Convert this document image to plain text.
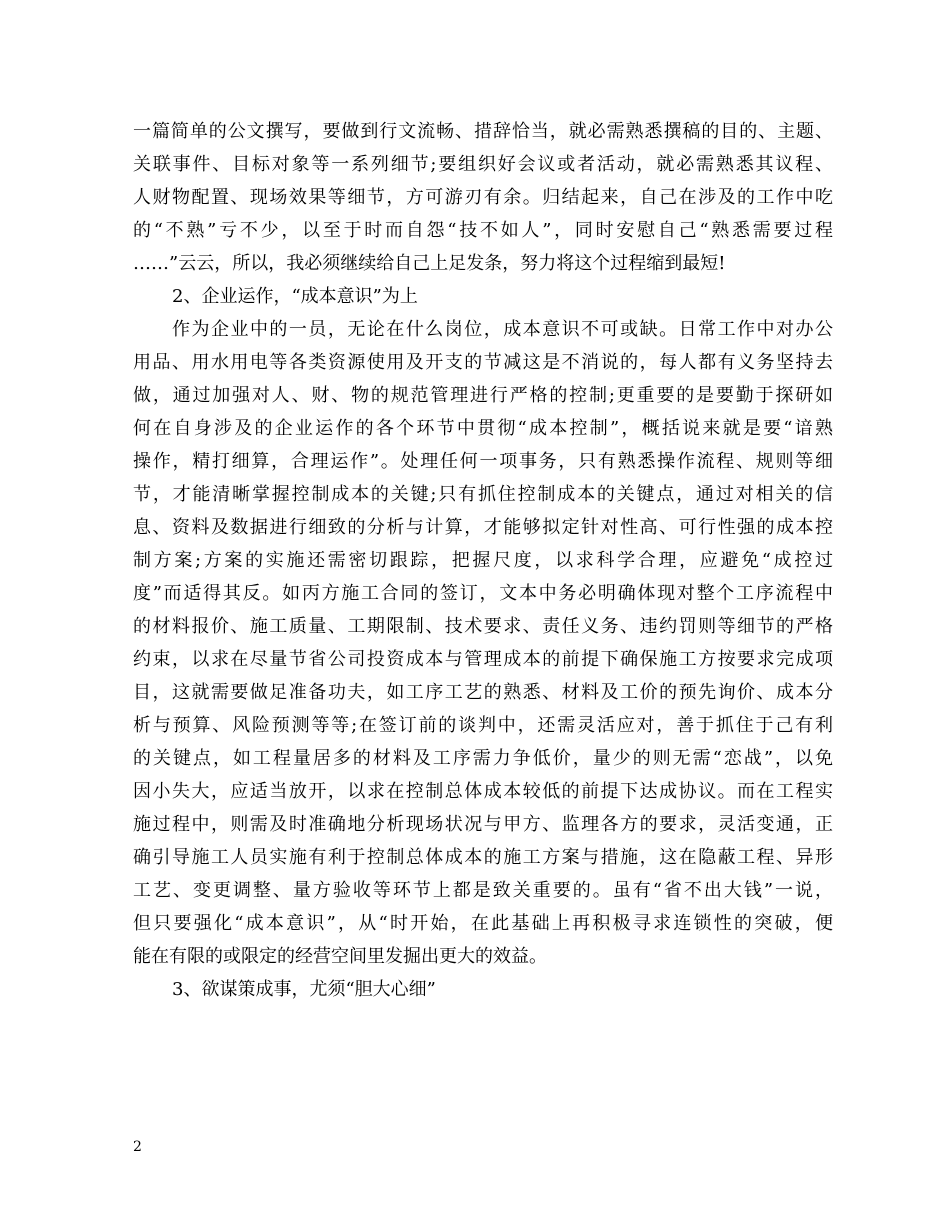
一篇简单的公文撰写，要做到行文流畅、措辞恰当，就必需熟悉撰稿的目的、主题、
关联事件、目标对象等一系列细节;要组织好会议或者活动，就必需熟悉其议程、
人财物配置、现场效果等细节，方可游刃有余。归结起来，自己在涉及的工作中吃
的“不熟”亏不少，以至于时而自怨“技不如人”，同时安慰自己“熟悉需要过程
……”云云，所以，我必须继续给自己上足发条，努力将这个过程缩到最短!
2、企业运作，“成本意识”为上
作为企业中的一员，无论在什么岗位，成本意识不可或缺。日常工作中对办公
用品、用水用电等各类资源使用及开支的节减这是不消说的，每人都有义务坚持去
做，通过加强对人、财、物的规范管理进行严格的控制;更重要的是要勤于探研如
何在自身涉及的企业运作的各个环节中贯彻“成本控制”，概括说来就是要“谙熟
操作，精打细算，合理运作”。处理任何一项事务，只有熟悉操作流程、规则等细
节，才能清晰掌握控制成本的关键;只有抓住控制成本的关键点，通过对相关的信
息、资料及数据进行细致的分析与计算，才能够拟定针对性高、可行性强的成本控
制方案;方案的实施还需密切跟踪，把握尺度，以求科学合理，应避免“成控过
度”而适得其反。如丙方施工合同的签订，文本中务必明确体现对整个工序流程中
的材料报价、施工质量、工期限制、技术要求、责任义务、违约罚则等细节的严格
约束，以求在尽量节省公司投资成本与管理成本的前提下确保施工方按要求完成项
目，这就需要做足准备功夫，如工序工艺的熟悉、材料及工价的预先询价、成本分
析与预算、风险预测等等;在签订前的谈判中，还需灵活应对，善于抓住于己有利
的关键点，如工程量居多的材料及工序需力争低价，量少的则无需“恋战”，以免
因小失大，应适当放开，以求在控制总体成本较低的前提下达成协议。而在工程实
施过程中，则需及时准确地分析现场状况与甲方、监理各方的要求，灵活变通，正
确引导施工人员实施有利于控制总体成本的施工方案与措施，这在隐蔽工程、异形
工艺、变更调整、量方验收等环节上都是致关重要的。虽有“省不出大钱”一说，
但只要强化“成本意识”，从“时开始，在此基础上再积极寻求连锁性的突破，便
能在有限的或限定的经营空间里发掘出更大的效益。
3、欲谋策成事，尤须“胆大心细”
2
